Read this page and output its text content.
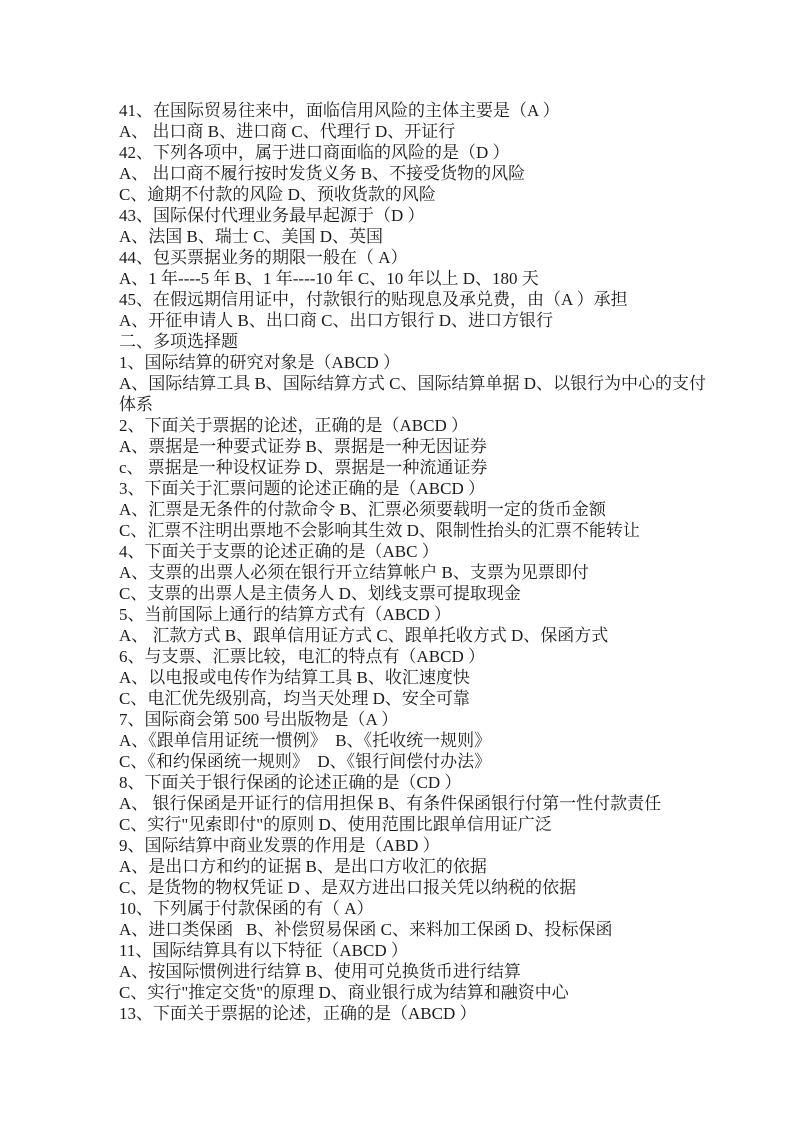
41、在国际贸易往来中，面临信用风险的主体主要是（A ）
A、 出口商 B、进口商 C、代理行 D、开证行
42、下列各项中，属于进口商面临的风险的是（D ）
A、 出口商不履行按时发货义务 B、不接受货物的风险
C、逾期不付款的风险 D、预收货款的风险
43、国际保付代理业务最早起源于（D ）
A、法国 B、瑞士 C、美国 D、英国
44、包买票据业务的期限一般在（ A）
A、1 年----5 年 B、1 年----10 年 C、10 年以上 D、180 天
45、在假远期信用证中，付款银行的贴现息及承兑费，由（A ）承担
A、开征申请人 B、出口商 C、出口方银行 D、进口方银行
二、多项选择题
1、国际结算的研究对象是（ABCD ）
A、国际结算工具 B、国际结算方式 C、国际结算单据 D、以银行为中心的支付
体系
2、下面关于票据的论述，正确的是（ABCD ）
A、票据是一种要式证券 B、票据是一种无因证券
c、 票据是一种设权证券 D、票据是一种流通证券
3、下面关于汇票问题的论述正确的是（ABCD ）
A、汇票是无条件的付款命令 B、汇票必须要载明一定的货币金额
C、汇票不注明出票地不会影响其生效 D、限制性抬头的汇票不能转让
4、下面关于支票的论述正确的是（ABC ）
A、支票的出票人必须在银行开立结算帐户 B、支票为见票即付
C、支票的出票人是主债务人 D、划线支票可提取现金
5、当前国际上通行的结算方式有（ABCD ）
A、 汇款方式 B、跟单信用证方式 C、跟单托收方式 D、保函方式
6、与支票、汇票比较，电汇的特点有（ABCD ）
A、以电报或电传作为结算工具 B、收汇速度快
C、电汇优先级别高，均当天处理 D、安全可靠
7、国际商会第 500 号出版物是（A ）
A、《跟单信用证统一惯例》  B、《托收统一规则》
C、《和约保函统一规则》  D、《银行间偿付办法》
8、下面关于银行保函的论述正确的是（CD ）
A、 银行保函是开证行的信用担保 B、有条件保函银行付第一性付款责任
C、实行"见索即付"的原则 D、使用范围比跟单信用证广泛
9、国际结算中商业发票的作用是（ABD ）
A、是出口方和约的证据 B、是出口方收汇的依据
C、是货物的物权凭证 D 、是双方进出口报关凭以纳税的依据
10、下列属于付款保函的有（ A）
A、进口类保函   B、补偿贸易保函 C、来料加工保函 D、投标保函
11、国际结算具有以下特征（ABCD ）
A、按国际惯例进行结算 B、使用可兑换货币进行结算
C、实行"推定交货"的原理 D、商业银行成为结算和融资中心
13、下面关于票据的论述，正确的是（ABCD ）
